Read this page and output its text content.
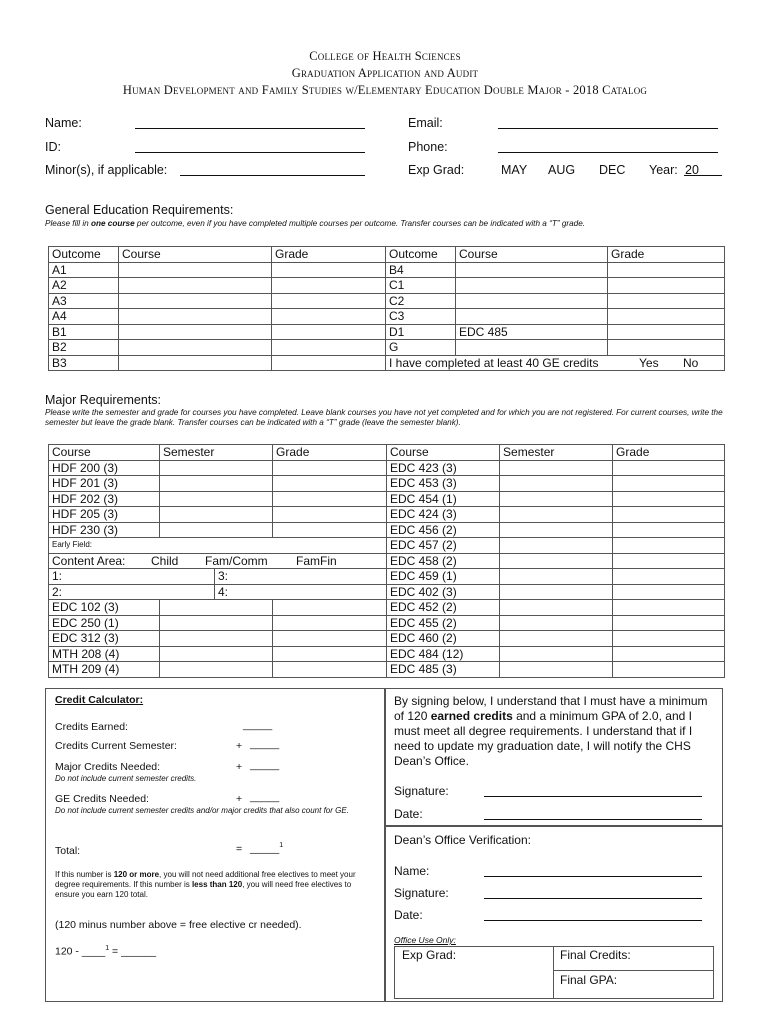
College of Health Sciences
Graduation Application and Audit
Human Development and Family Studies w/Elementary Education Double Major - 2018 Catalog
Name:
ID:
Minor(s), if applicable:
Email:
Phone:
Exp Grad:	MAY AUG DEC Year: 20
General Education Requirements:
Please fill in one course per outcome, even if you have completed multiple courses per outcome. Transfer courses can be indicated with a “T” grade.
Outcome	Course	Grade	Outcome	Course	Grade
A1			B4		
A2			C1		
A3			C2		
A4			C3		
B1			D1	EDC 485	
B2			G		
B3			I have completed at least 40 GE credits Yes No		
Major Requirements:
Please write the semester and grade for courses you have completed. Leave blank courses you have not yet completed and for which you are not registered. For current courses, write the semester but leave the grade blank. Transfer courses can be indicated with a “T” grade (leave the semester blank).
Course	Semester		Grade	Course	Semester	Grade
HDF 200 (3)				EDC 423 (3)		
HDF 201 (3)				EDC 453 (3)		
HDF 202 (3)				EDC 454 (1)		
HDF 205 (3)				EDC 424 (3)		
HDF 230 (3)				EDC 456 (2)		
Early Field:				EDC 457 (2)		
Content Area: Child Fam/Comm FamFin				EDC 458 (2)		
1:		3:		EDC 459 (1)		
2:		4:		EDC 402 (3)		
EDC 102 (3)				EDC 452 (2)		
EDC 250 (1)				EDC 455 (2)		
EDC 312 (3)				EDC 460 (2)		
MTH 208 (4)				EDC 484 (12)		
MTH 209 (4)				EDC 485 (3)		
Credit Calculator:
Credits Earned:	_____
Credits Current Semester:	+ _____
Major Credits Needed:	+ _____
Do not include current semester credits.
GE Credits Needed:	+ _____
Do not include current semester credits and/or major credits that also count for GE.
Total:	= _____$^1$
If this number is 120 or more, you will not need additional free electives to meet your degree requirements. If this number is less than 120, you will need free electives to ensure you earn 120 total.
(120 minus number above = free elective cr needed).
120 - ____$^1$ = ______
By signing below, I understand that I must have a minimum of 120 earned credits and a minimum GPA of 2.0, and I must meet all degree requirements. I understand that if I need to update my graduation date, I will notify the CHS Dean’s Office.
Signature:
Date:
Dean’s Office Verification:
Name:
Signature:
Date:
Office Use Only:
Exp Grad:	Final Credits:
Final GPA:
